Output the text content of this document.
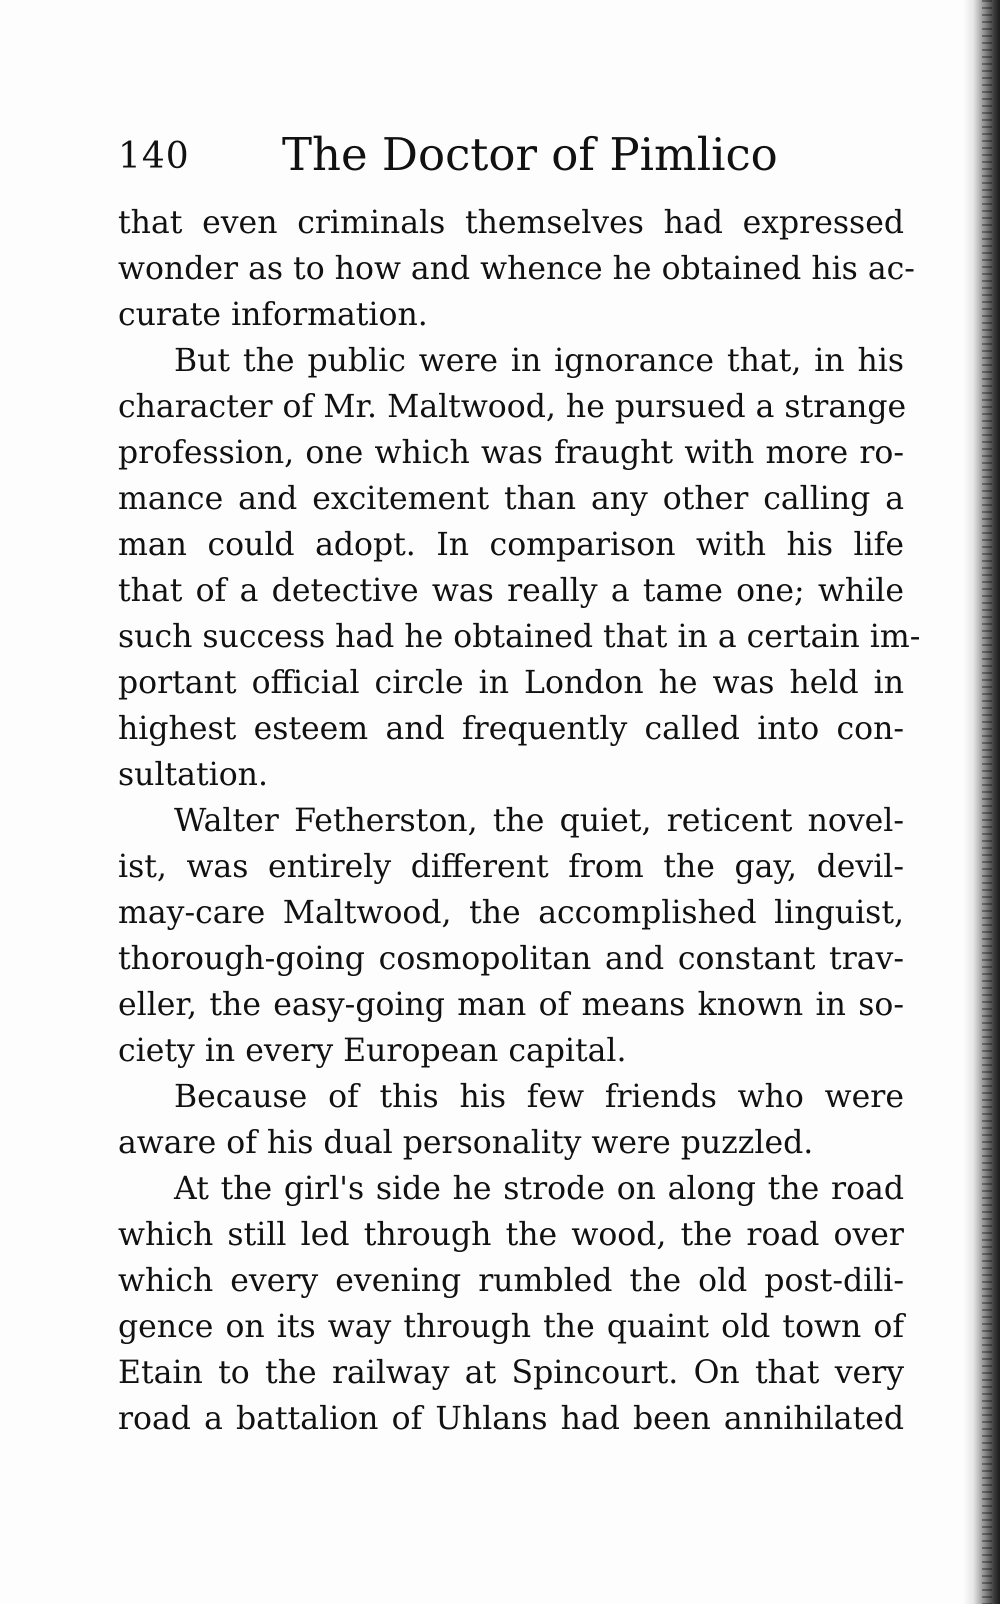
140 The Doctor of Pimlico
that even criminals themselves had expressed
wonder as to how and whence he obtained his ac-
curate information.
But the public were in ignorance that, in his
character of Mr. Maltwood, he pursued a strange
profession, one which was fraught with more ro-
mance and excitement than any other calling a
man could adopt. In comparison with his life
that of a detective was really a tame one; while
such success had he obtained that in a certain im-
portant official circle in London he was held in
highest esteem and frequently called into con-
sultation.
Walter Fetherston, the quiet, reticent novel-
ist, was entirely different from the gay, devil-
may-care Maltwood, the accomplished linguist,
thorough-going cosmopolitan and constant trav-
eller, the easy-going man of means known in so-
ciety in every European capital.
Because of this his few friends who were
aware of his dual personality were puzzled.
At the girl's side he strode on along the road
which still led through the wood, the road over
which every evening rumbled the old post-dili-
gence on its way through the quaint old town of
Etain to the railway at Spincourt. On that very
road a battalion of Uhlans had been annihilated
